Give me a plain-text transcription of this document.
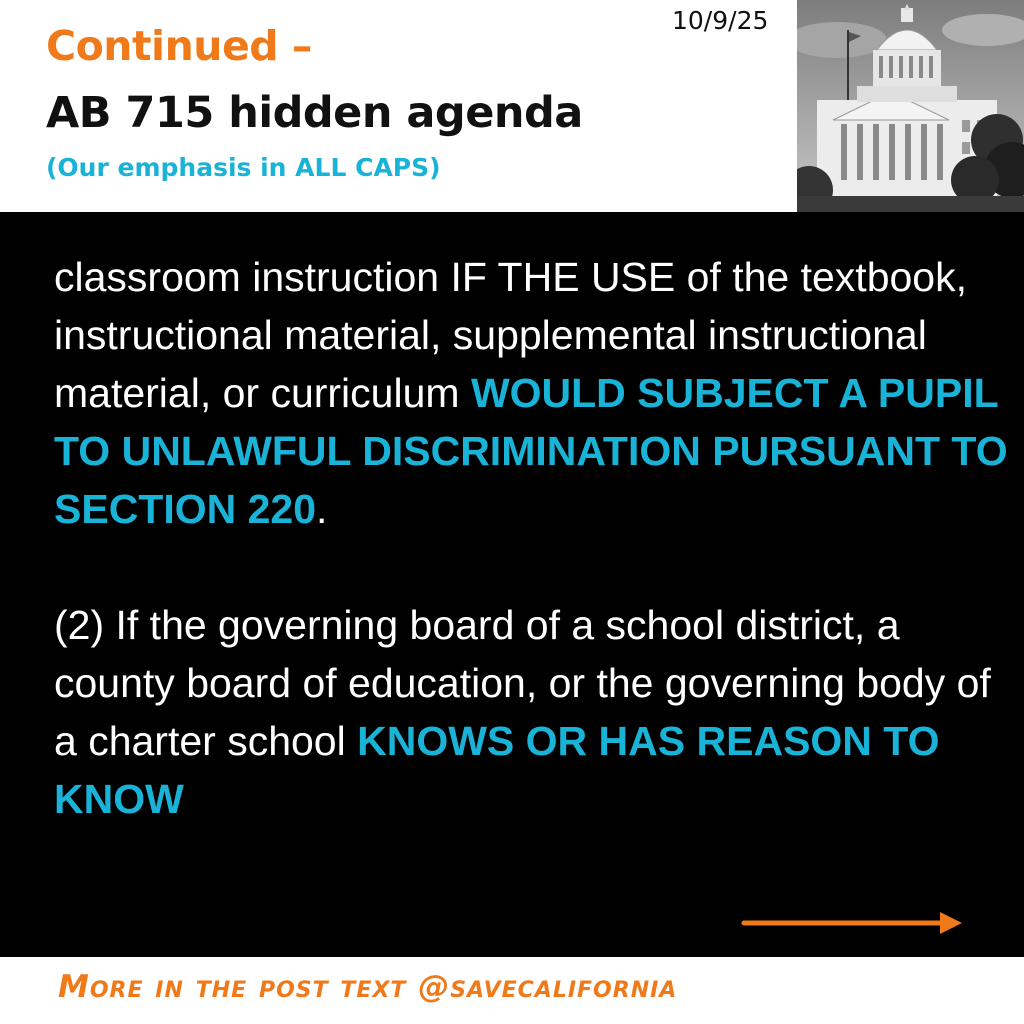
Continued –
AB 715 hidden agenda
(Our emphasis in ALL CAPS)
10/9/25

classroom instruction IF THE USE of the textbook, instructional material, supplemental instructional material, or curriculum WOULD SUBJECT A PUPIL TO UNLAWFUL DISCRIMINATION PURSUANT TO SECTION 220.

(2) If the governing board of a school district, a county board of education, or the governing body of a charter school KNOWS OR HAS REASON TO KNOW

More in the post text @savecalifornia
